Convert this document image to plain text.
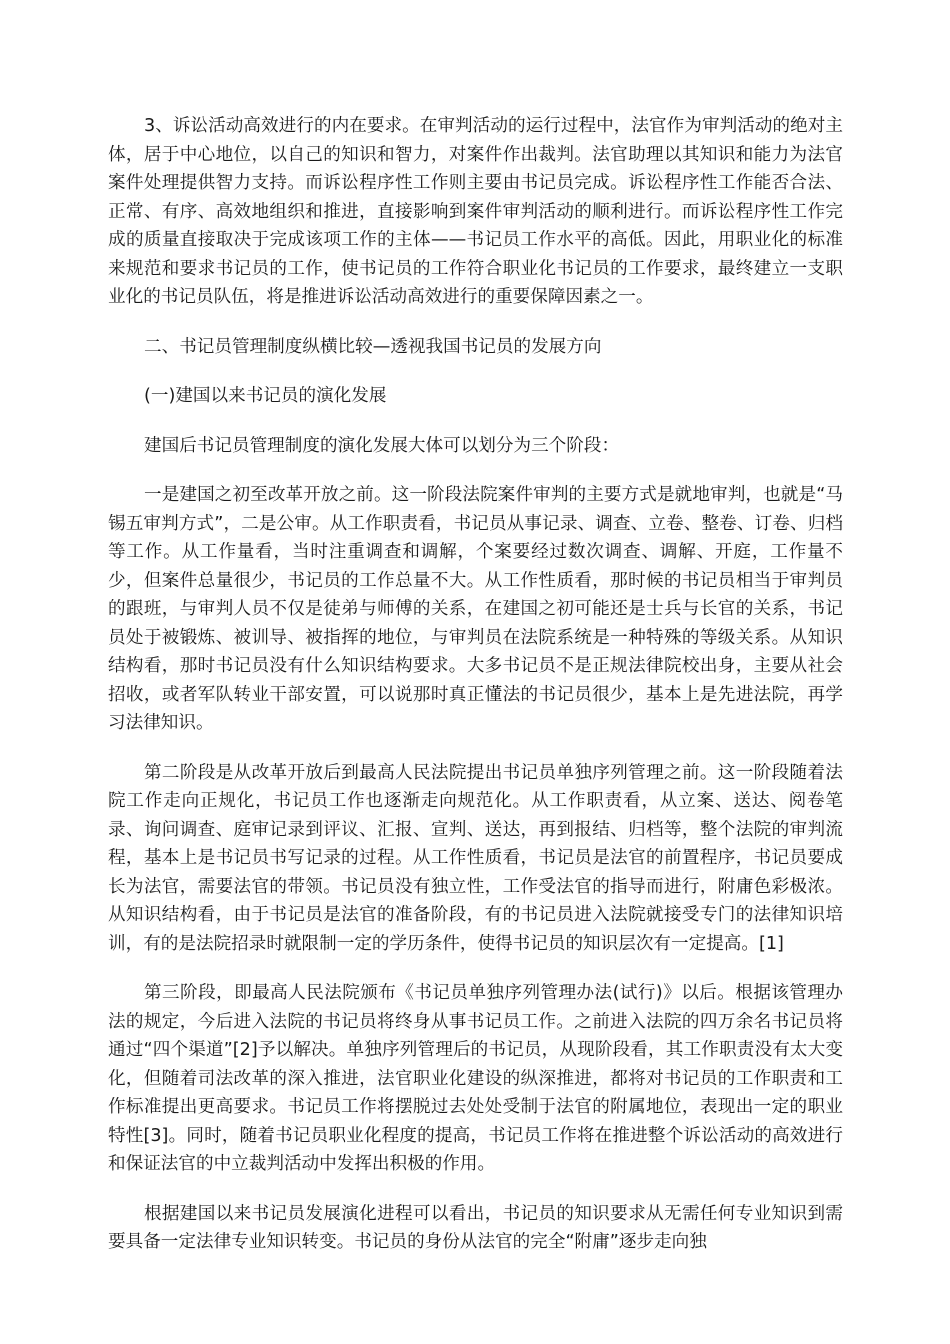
3、诉讼活动高效进行的内在要求。在审判活动的运行过程中，法官作为审判活动的绝对主体，居于中心地位，以自己的知识和智力，对案件作出裁判。法官助理以其知识和能力为法官案件处理提供智力支持。而诉讼程序性工作则主要由书记员完成。诉讼程序性工作能否合法、正常、有序、高效地组织和推进，直接影响到案件审判活动的顺利进行。而诉讼程序性工作完成的质量直接取决于完成该项工作的主体——书记员工作水平的高低。因此，用职业化的标准来规范和要求书记员的工作，使书记员的工作符合职业化书记员的工作要求，最终建立一支职业化的书记员队伍，将是推进诉讼活动高效进行的重要保障因素之一。

二、书记员管理制度纵横比较—透视我国书记员的发展方向

(一)建国以来书记员的演化发展

建国后书记员管理制度的演化发展大体可以划分为三个阶段：

一是建国之初至改革开放之前。这一阶段法院案件审判的主要方式是就地审判，也就是“马锡五审判方式”，二是公审。从工作职责看，书记员从事记录、调查、立卷、整卷、订卷、归档等工作。从工作量看，当时注重调查和调解，个案要经过数次调查、调解、开庭，工作量不少，但案件总量很少，书记员的工作总量不大。从工作性质看，那时候的书记员相当于审判员的跟班，与审判人员不仅是徒弟与师傅的关系，在建国之初可能还是士兵与长官的关系，书记员处于被锻炼、被训导、被指挥的地位，与审判员在法院系统是一种特殊的等级关系。从知识结构看，那时书记员没有什么知识结构要求。大多书记员不是正规法律院校出身，主要从社会招收，或者军队转业干部安置，可以说那时真正懂法的书记员很少，基本上是先进法院，再学习法律知识。

第二阶段是从改革开放后到最高人民法院提出书记员单独序列管理之前。这一阶段随着法院工作走向正规化，书记员工作也逐渐走向规范化。从工作职责看，从立案、送达、阅卷笔录、询问调查、庭审记录到评议、汇报、宣判、送达，再到报结、归档等，整个法院的审判流程，基本上是书记员书写记录的过程。从工作性质看，书记员是法官的前置程序，书记员要成长为法官，需要法官的带领。书记员没有独立性，工作受法官的指导而进行，附庸色彩极浓。从知识结构看，由于书记员是法官的准备阶段，有的书记员进入法院就接受专门的法律知识培训，有的是法院招录时就限制一定的学历条件，使得书记员的知识层次有一定提高。[1]

第三阶段，即最高人民法院颁布《书记员单独序列管理办法(试行)》以后。根据该管理办法的规定，今后进入法院的书记员将终身从事书记员工作。之前进入法院的四万余名书记员将通过“四个渠道”[2]予以解决。单独序列管理后的书记员，从现阶段看，其工作职责没有太大变化，但随着司法改革的深入推进，法官职业化建设的纵深推进，都将对书记员的工作职责和工作标准提出更高要求。书记员工作将摆脱过去处处受制于法官的附属地位，表现出一定的职业特性[3]。同时，随着书记员职业化程度的提高，书记员工作将在推进整个诉讼活动的高效进行和保证法官的中立裁判活动中发挥出积极的作用。

根据建国以来书记员发展演化进程可以看出，书记员的知识要求从无需任何专业知识到需要具备一定法律专业知识转变。书记员的身份从法官的完全“附庸”逐步走向独
